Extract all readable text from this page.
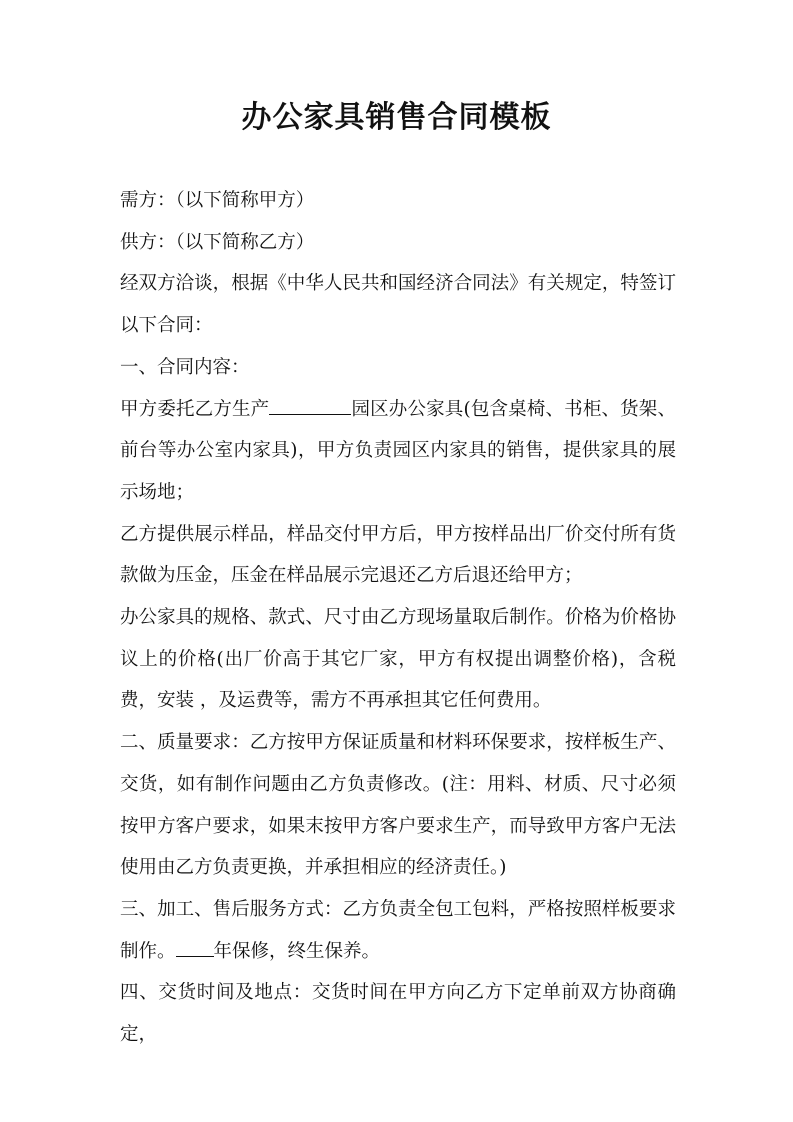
办公家具销售合同模板

需方：（以下简称甲方）

供方：（以下简称乙方）

经双方洽谈，根据《中华人民共和国经济合同法》有关规定，特签订以下合同：

一、合同内容：

甲方委托乙方生产	园区办公家具(包含桌椅、书柜、货架、前台等办公室内家具)，甲方负责园区内家具的销售，提供家具的展示场地；

乙方提供展示样品，样品交付甲方后，甲方按样品出厂价交付所有货款做为压金，压金在样品展示完退还乙方后退还给甲方；

办公家具的规格、款式、尺寸由乙方现场量取后制作。价格为价格协议上的价格(出厂价高于其它厂家，甲方有权提出调整价格)，含税费，安装 ，及运费等，需方不再承担其它任何费用。

二、质量要求：乙方按甲方保证质量和材料环保要求，按样板生产、交货，如有制作问题由乙方负责修改。(注：用料、材质、尺寸必须按甲方客户要求，如果末按甲方客户要求生产，而导致甲方客户无法使用由乙方负责更换，并承担相应的经济责任。)

三、加工、售后服务方式：乙方负责全包工包料，严格按照样板要求制作。 年保修，终生保养。

四、交货时间及地点：交货时间在甲方向乙方下定单前双方协商确定，
